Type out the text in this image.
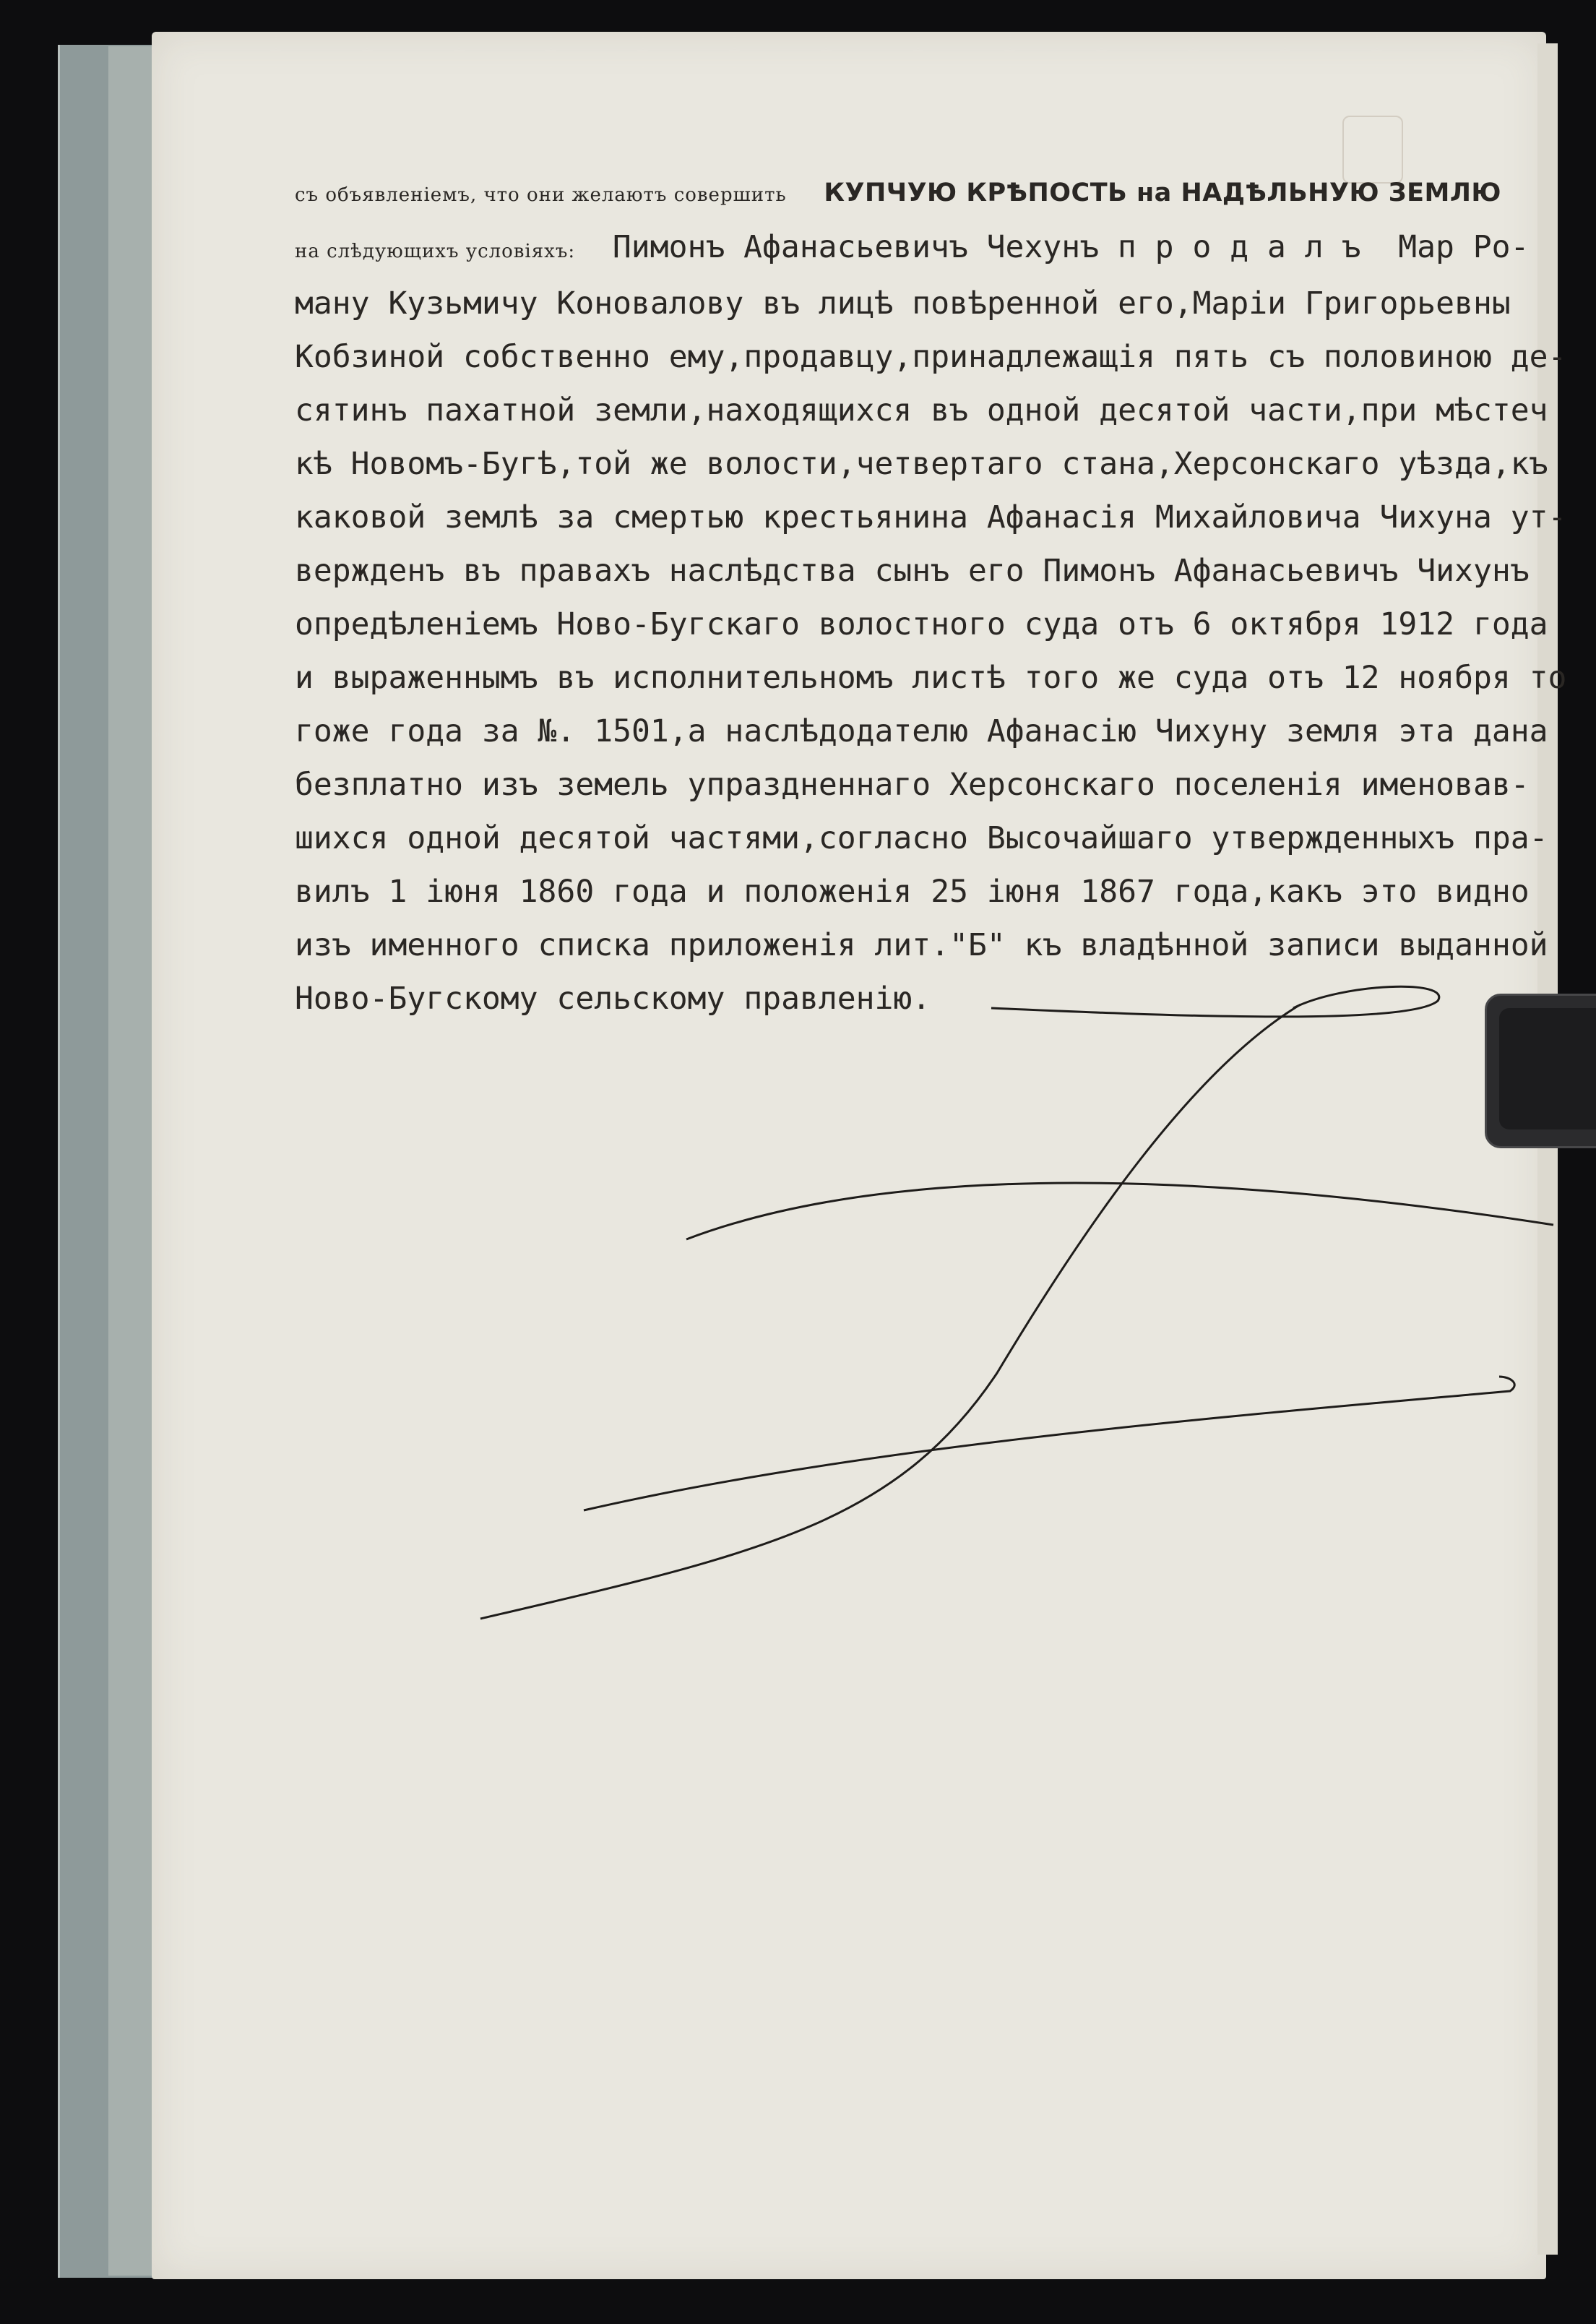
съ объявленіемъ, что они желаютъ совершить КУПЧУЮ КРѢПОСТЬ на НАДѢЛЬНУЮ ЗЕМЛЮ
на слѣдующихъ условіяхъ: Пимонъ Афанасьевичъ Чехунъ п р о д а л ъ  Мар Ро-
ману Кузьмичу Коновалову въ лицѣ повѣренной его,Маріи Григорьевны
Кобзиной собственно ему,продавцу,принадлежащія пять съ половиною де-
сятинъ пахатной земли,находящихся въ одной десятой части,при мѣстеч
кѣ Новомъ-Бугѣ,той же волости,четвертаго стана,Херсонскаго уѣзда,къ
каковой землѣ за смертью крестьянина Афанасія Михайловича Чихуна ут-
вержденъ въ правахъ наслѣдства сынъ его Пимонъ Афанасьевичъ Чихунъ
опредѣленіемъ Ново-Бугскаго волостного суда отъ 6 октября 1912 года
и выраженнымъ въ исполнительномъ листѣ того же суда отъ 12 ноября то
гоже года за №. 1501,а наслѣдодателю Афанасію Чихуну земля эта дана
безплатно изъ земель упраздненнаго Херсонскаго поселенія именовав-
шихся одной десятой частями,согласно Высочайшаго утвержденныхъ пра-
вилъ 1 іюня 1860 года и положенія 25 іюня 1867 года,какъ это видно
изъ именного списка приложенія лит."Б" къ владѣнной записи выданной
Ново-Бугскому сельскому правленію.
